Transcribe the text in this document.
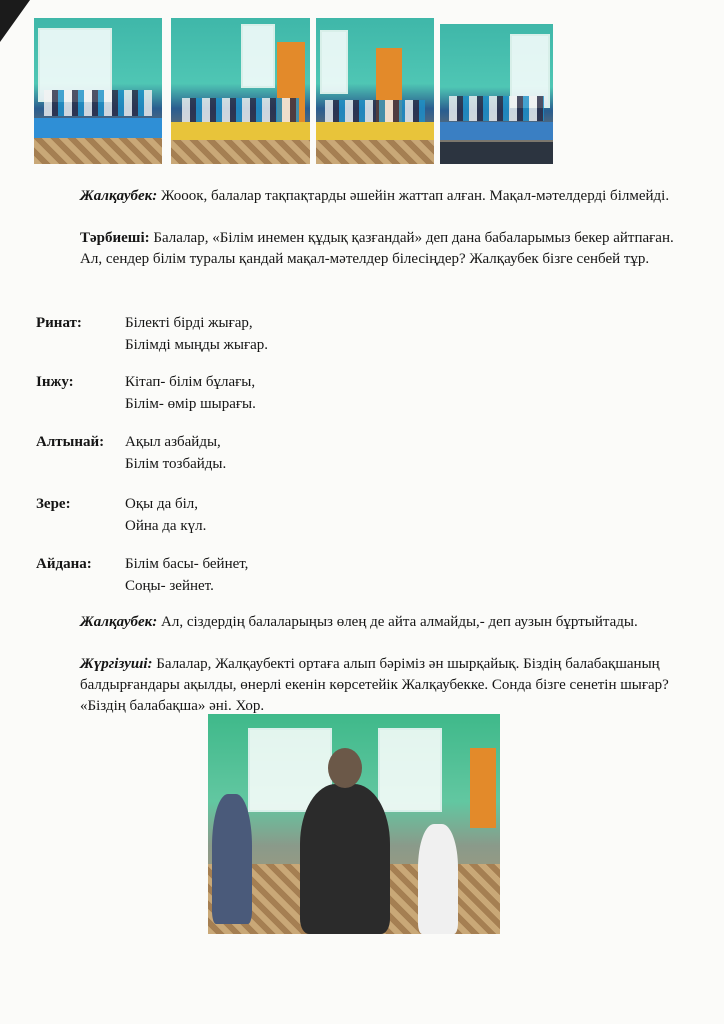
Жалқаубек: Жооок, балалар тақпақтарды әшейін жаттап алған. Мақал-мәтелдерді білмейді.
Тәрбиеші: Балалар, «Білім инемен құдық қазғандай» деп дана бабаларымыз бекер айтпаған. Ал, сендер білім туралы қандай мақал-мәтелдер білесіңдер? Жалқаубек бізге сенбей тұр.
Ринат:	Білекті бірді жығар,
Білімді мыңды жығар.
Інжу:	Кітап- білім бұлағы,
Білім- өмір шырағы.
Алтынай: Ақыл азбайды,
Білім тозбайды.
Зере:	Оқы да біл,
Ойна да күл.
Айдана: Білім басы- бейнет,
Соңы- зейнет.
Жалқаубек: Ал, сіздердің балаларыңыз өлең де айта алмайды,- деп аузын бұртыйтады.
Жүргізуші: Балалар, Жалқаубекті ортаға алып бәріміз ән шырқайық. Біздің балабақшаның балдырғандары ақылды, өнерлі екенін көрсетейік Жалқаубекке. Сонда бізге сенетін шығар? «Біздің балабақша» әні. Хор.
